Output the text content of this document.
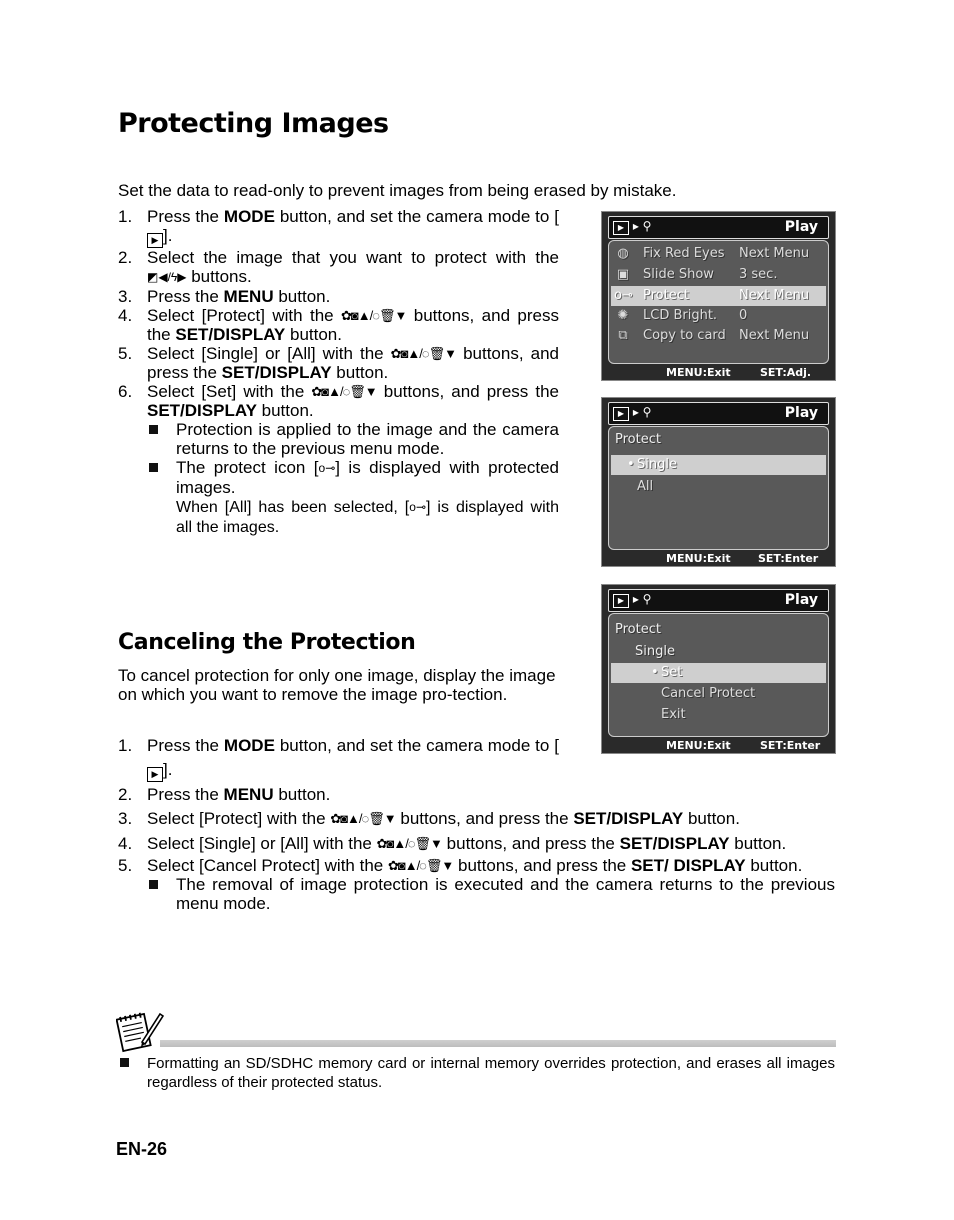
Protecting Images
Set the data to read-only to prevent images from being erased by mistake.
1. Press the MODE button, and set the camera mode to [▶ ].
2. Select the image that you want to protect with the ◩◀/ϟ▶ buttons.
3. Press the MENU button.
4. Select [Protect] with the ✿◙▲/◌🗑▼ buttons, and press the SET/DISPLAY button.
5. Select [Single] or [All] with the ✿◙▲/◌🗑▼ buttons, and press the SET/DISPLAY button.
6. Select [Set] with the ✿◙▲/◌🗑▼ buttons, and press the SET/DISPLAY button.
Protection is applied to the image and the camera returns to the previous menu mode.
The protect icon [o⊸] is displayed with protected images.
When [All] has been selected, [o⊸] is displayed with all the images.
▶ ▸ ⚲	Play
◍ Fix Red Eyes Next Menu
▣ Slide Show 3 sec.
o⊸ Protect	Next Menu
✺ LCD Bright. 0
⧉	Copy to card Next Menu
MENU:Exit	SET:Adj.
▶ ▸ ⚲	Play
Protect
• Single
All
MENU:Exit SET:Enter
▶ ▸ ⚲	Play
Protect
Single
• Set
Cancel Protect
Exit
MENU:Exit	SET:Enter
Canceling the Protection
To cancel protection for only one image, display the image on which you want to remove the image pro-tection.
1. Press the MODE button, and set the camera mode to [▶ ].
2. Press the MENU button.
3. Select [Protect] with the ✿◙▲/◌🗑▼ buttons, and press the SET/DISPLAY button.
4. Select [Single] or [All] with the ✿◙▲/◌🗑▼ buttons, and press the SET/DISPLAY button.
5. Select [Cancel Protect] with the ✿◙▲/◌🗑▼ buttons, and press the SET/ DISPLAY button.
The removal of image protection is executed and the camera returns to the previous menu mode.
Formatting an SD/SDHC memory card or internal memory overrides protection, and erases all images regardless of their protected status.
EN-26
